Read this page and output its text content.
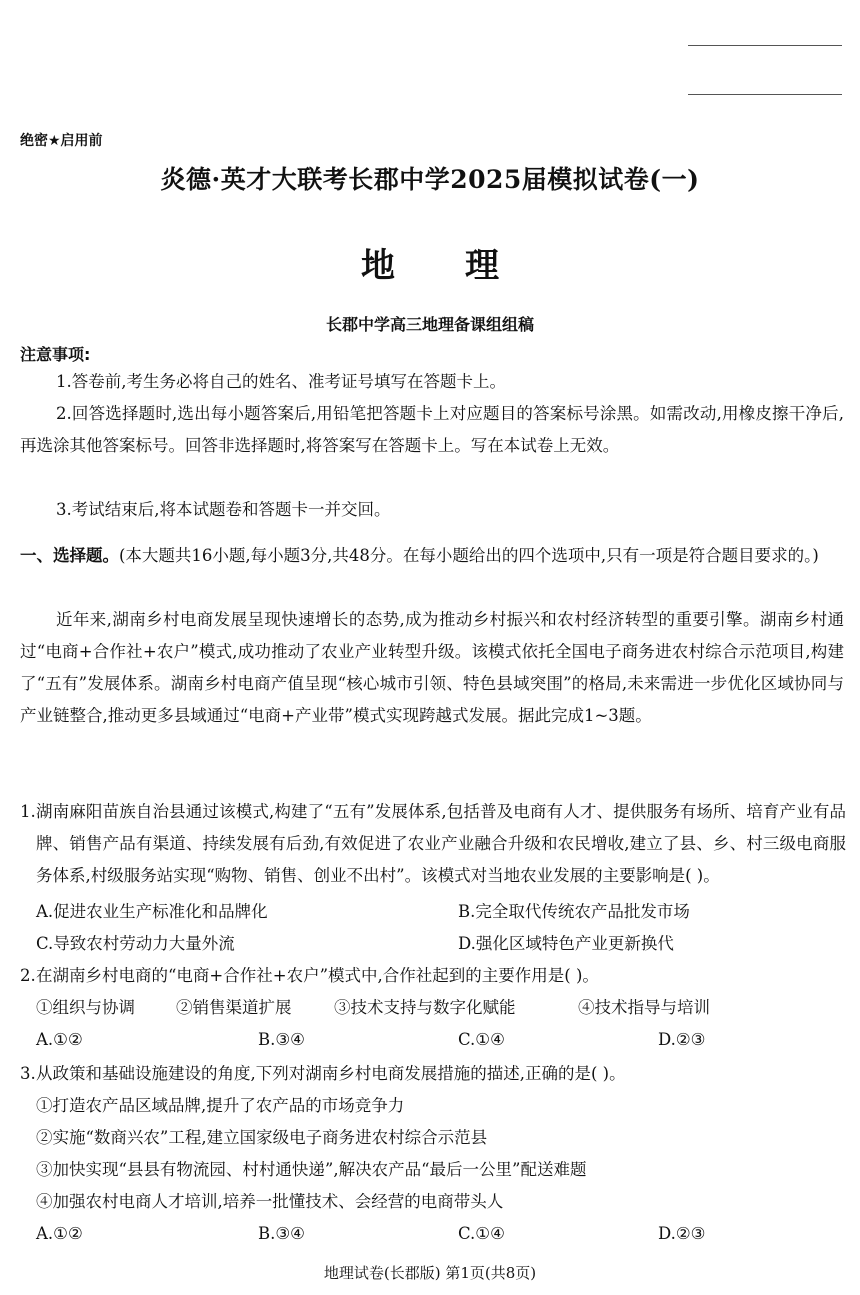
绝密★启用前
炎德·英才大联考长郡中学2025届模拟试卷(一)
地 理
长郡中学高三地理备课组组稿
注意事项:
1.答卷前,考生务必将自己的姓名、准考证号填写在答题卡上。
2.回答选择题时,选出每小题答案后,用铅笔把答题卡上对应题目的答案标号涂黑。如需改动,用橡皮擦干净后,再选涂其他答案标号。回答非选择题时,将答案写在答题卡上。写在本试卷上无效。
3.考试结束后,将本试题卷和答题卡一并交回。
一、选择题。(本大题共16小题,每小题3分,共48分。在每小题给出的四个选项中,只有一项是符合题目要求的。)
近年来,湖南乡村电商发展呈现快速增长的态势,成为推动乡村振兴和农村经济转型的重要引擎。湖南乡村通过“电商+合作社+农户”模式,成功推动了农业产业转型升级。该模式依托全国电子商务进农村综合示范项目,构建了“五有”发展体系。湖南乡村电商产值呈现“核心城市引领、特色县域突围”的格局,未来需进一步优化区域协同与产业链整合,推动更多县域通过“电商+产业带”模式实现跨越式发展。据此完成1~3题。
1. 湖南麻阳苗族自治县通过该模式,构建了“五有”发展体系,包括普及电商有人才、提供服务有场所、培育产业有品牌、销售产品有渠道、持续发展有后劲,有效促进了农业产业融合升级和农民增收,建立了县、乡、村三级电商服务体系,村级服务站实现“购物、销售、创业不出村”。该模式对当地农业发展的主要影响是( )。
A.促进农业生产标准化和品牌化	B.完全取代传统农产品批发市场
C.导致农村劳动力大量外流	D.强化区域特色产业更新换代
2. 在湖南乡村电商的“电商+合作社+农户”模式中,合作社起到的主要作用是( )。
①组织与协调 ②销售渠道扩展	③技术支持与数字化赋能	④技术指导与培训
A.①②	B.③④	C.①④	D.②③
3. 从政策和基础设施建设的角度,下列对湖南乡村电商发展措施的描述,正确的是( )。
①打造农产品区域品牌,提升了农产品的市场竞争力
②实施“数商兴农”工程,建立国家级电子商务进农村综合示范县
③加快实现“县县有物流园、村村通快递”,解决农产品“最后一公里”配送难题
④加强农村电商人才培训,培养一批懂技术、会经营的电商带头人
A.①②	B.③④	C.①④	D.②③
地理试卷(长郡版) 第1页(共8页)
